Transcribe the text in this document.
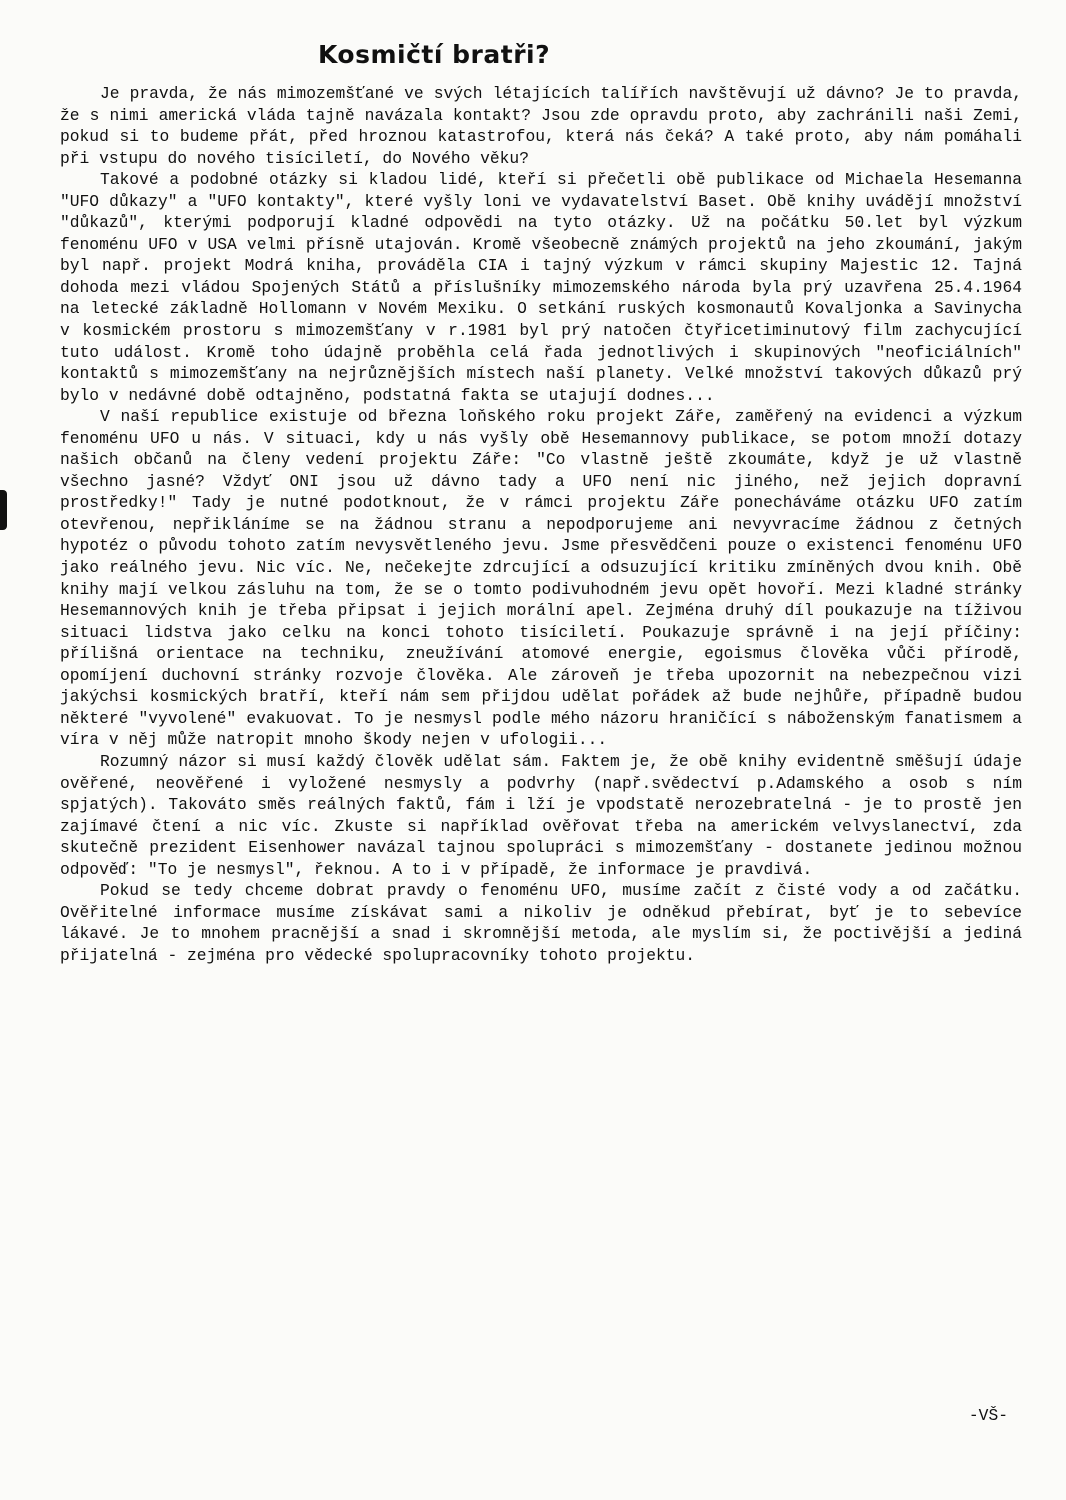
Kosmičtí bratři?

Je pravda, že nás mimozemšťané ve svých létajících talířích navštěvují už dávno? Je to pravda, že s nimi americká vláda tajně navázala kontakt? Jsou zde opravdu proto, aby zachránili naši Zemi, pokud si to budeme přát, před hroznou katastrofou, která nás čeká? A také proto, aby nám pomáhali při vstupu do nového tisíciletí, do Nového věku?

Takové a podobné otázky si kladou lidé, kteří si přečetli obě publikace od Michaela Hesemanna "UFO důkazy" a "UFO kontakty", které vyšly loni ve vydavatelství Baset. Obě knihy uvádějí množství "důkazů", kterými podporují kladné odpovědi na tyto otázky. Už na počátku 50.let byl výzkum fenoménu UFO v USA velmi přísně utajován. Kromě všeobecně známých projektů na jeho zkoumání, jakým byl např. projekt Modrá kniha, prováděla CIA i tajný výzkum v rámci skupiny Majestic 12. Tajná dohoda mezi vládou Spojených Států a příslušníky mimozemského národa byla prý uzavřena 25.4.1964 na letecké základně Hollomann v Novém Mexiku. O setkání ruských kosmonautů Kovaljonka a Savinycha v kosmickém prostoru s mimozemšťany v r.1981 byl prý natočen čtyřicetiminutový film zachycující tuto událost. Kromě toho údajně proběhla celá řada jednotlivých i skupinových "neoficiálních" kontaktů s mimozemšťany na nejrůznějších místech naší planety. Velké množství takových důkazů prý bylo v nedávné době odtajněno, podstatná fakta se utajují dodnes...

V naší republice existuje od března loňského roku projekt Záře, zaměřený na evidenci a výzkum fenoménu UFO u nás. V situaci, kdy u nás vyšly obě Hesemannovy publikace, se potom množí dotazy našich občanů na členy vedení projektu Záře: "Co vlastně ještě zkoumáte, když je už vlastně všechno jasné? Vždyť ONI jsou už dávno tady a UFO není nic jiného, než jejich dopravní prostředky!" Tady je nutné podotknout, že v rámci projektu Záře ponecháváme otázku UFO zatím otevřenou, nepřikláníme se na žádnou stranu a nepodporujeme ani nevyvracíme žádnou z četných hypotéz o původu tohoto zatím nevysvětleného jevu. Jsme přesvědčeni pouze o existenci fenoménu UFO jako reálného jevu. Nic víc. Ne, nečekejte zdrcující a odsuzující kritiku zmíněných dvou knih. Obě knihy mají velkou zásluhu na tom, že se o tomto podivuhodném jevu opět hovoří. Mezi kladné stránky Hesemannových knih je třeba připsat i jejich morální apel. Zejména druhý díl poukazuje na tíživou situaci lidstva jako celku na konci tohoto tisíciletí. Poukazuje správně i na její příčiny: přílišná orientace na techniku, zneužívání atomové energie, egoismus člověka vůči přírodě, opomíjení duchovní stránky rozvoje člověka. Ale zároveň je třeba upozornit na nebezpečnou vizi jakýchsi kosmických bratří, kteří nám sem přijdou udělat pořádek až bude nejhůře, případně budou některé "vyvolené" evakuovat. To je nesmysl podle mého názoru hraničící s náboženským fanatismem a víra v něj může natropit mnoho škody nejen v ufologii...

Rozumný názor si musí každý člověk udělat sám. Faktem je, že obě knihy evidentně směšují údaje ověřené, neověřené i vyložené nesmysly a podvrhy (např.svědectví p.Adamského a osob s ním spjatých). Takováto směs reálných faktů, fám i lží je vpodstatě nerozebratelná - je to prostě jen zajímavé čtení a nic víc. Zkuste si například ověřovat třeba na americkém velvyslanectví, zda skutečně prezident Eisenhower navázal tajnou spolupráci s mimozemšťany - dostanete jedinou možnou odpověď: "To je nesmysl", řeknou. A to i v případě, že informace je pravdivá.

Pokud se tedy chceme dobrat pravdy o fenoménu UFO, musíme začít z čisté vody a od začátku. Ověřitelné informace musíme získávat sami a nikoliv je odněkud přebírat, byť je to sebevíce lákavé. Je to mnohem pracnější a snad i skromnější metoda, ale myslím si, že poctivější a jediná přijatelná - zejména pro vědecké spolupracovníky tohoto projektu.

-VŠ-
